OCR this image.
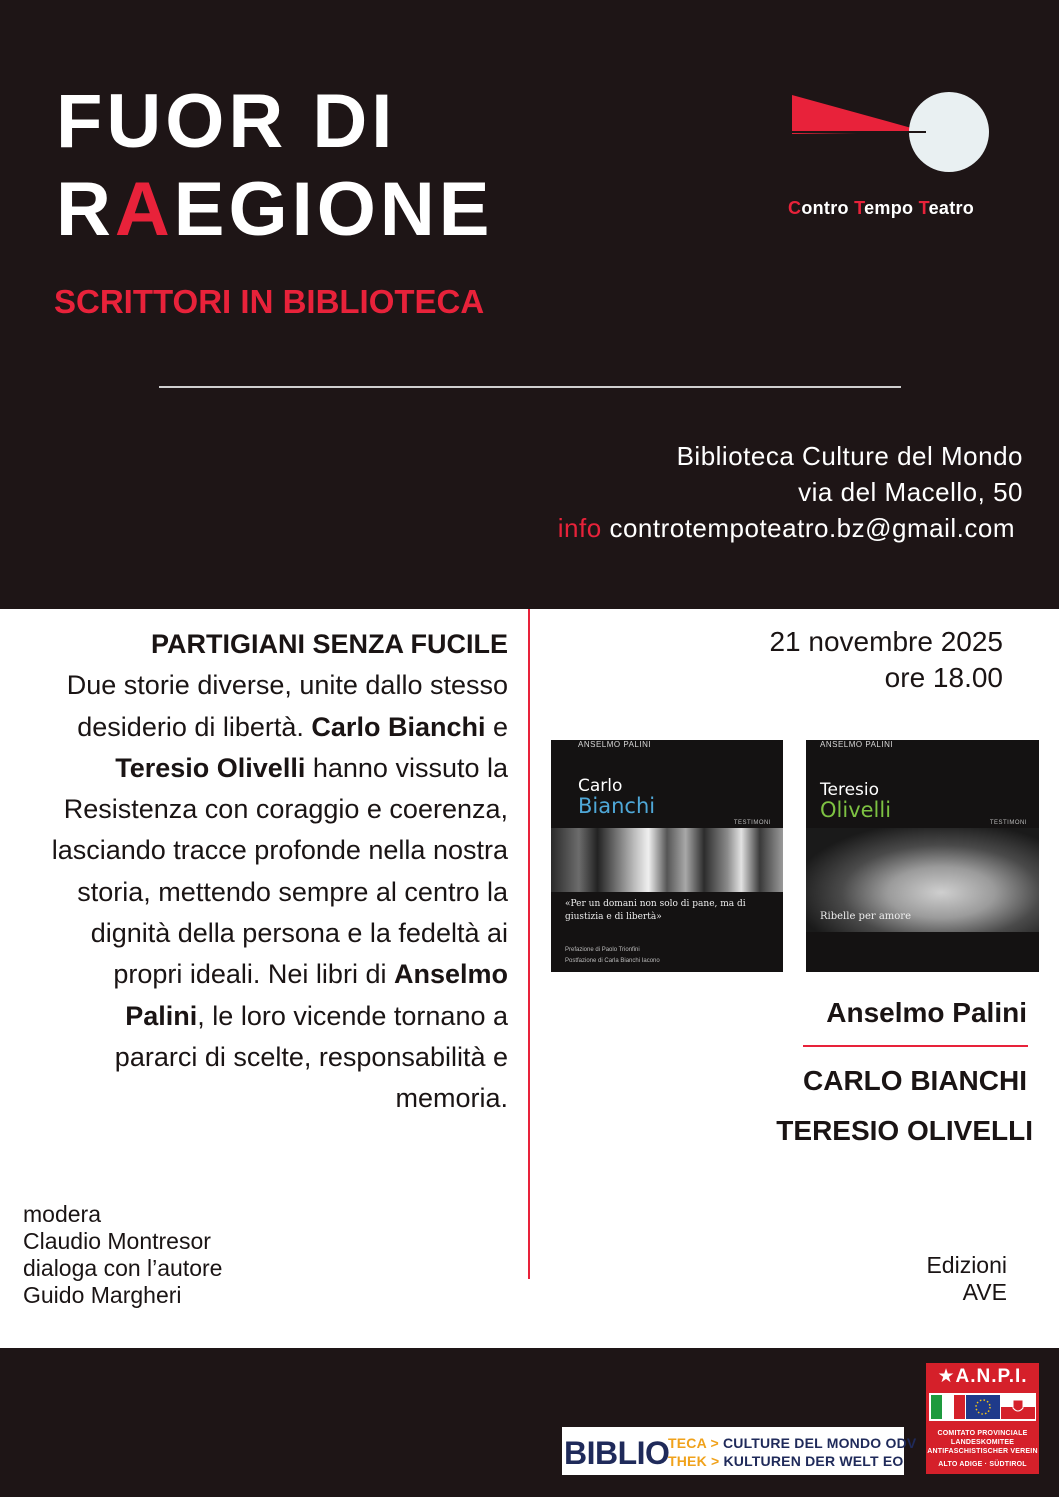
FUOR DI
RAEGIONE
SCRITTORI IN BIBLIOTECA
Contro Tempo Teatro
Biblioteca Culture del Mondo
via del Macello, 50
info controtempoteatro.bz@gmail.com
PARTIGIANI SENZA FUCILE
Due storie diverse, unite dallo stesso desiderio di libertà. Carlo Bianchi e Teresio Olivelli hanno vissuto la Resistenza con coraggio e coerenza, lasciando tracce profonde nella nostra storia, mettendo sempre al centro la dignità della persona e la fedeltà ai propri ideali. Nei libri di Anselmo Palini, le loro vicende tornano a pararci di scelte, responsabilità e memoria.
modera
Claudio Montresor
dialoga con l’autore
Guido Margheri
21 novembre 2025
ore 18.00
ANSELMO PALINI
Carlo
Bianchi
TESTIMONI
«Per un domani non solo di pane, ma di giustizia e di libertà»
Prefazione di Paolo Trionfini
Postfazione di Carla Bianchi Iacono
ANSELMO PALINI
Teresio
Olivelli
TESTIMONI
Ribelle per amore
Anselmo Palini
CARLO BIANCHI
TERESIO OLIVELLI
Edizioni
AVE
BIBLIO
TECA > CULTURE DEL MONDO ODV
THEK > KULTUREN DER WELT EO
★A.N.P.I.
COMITATO PROVINCIALE
LANDESKOMITEE
ANTIFASCHISTISCHER VEREIN
ALTO ADIGE · SÜDTIROL
